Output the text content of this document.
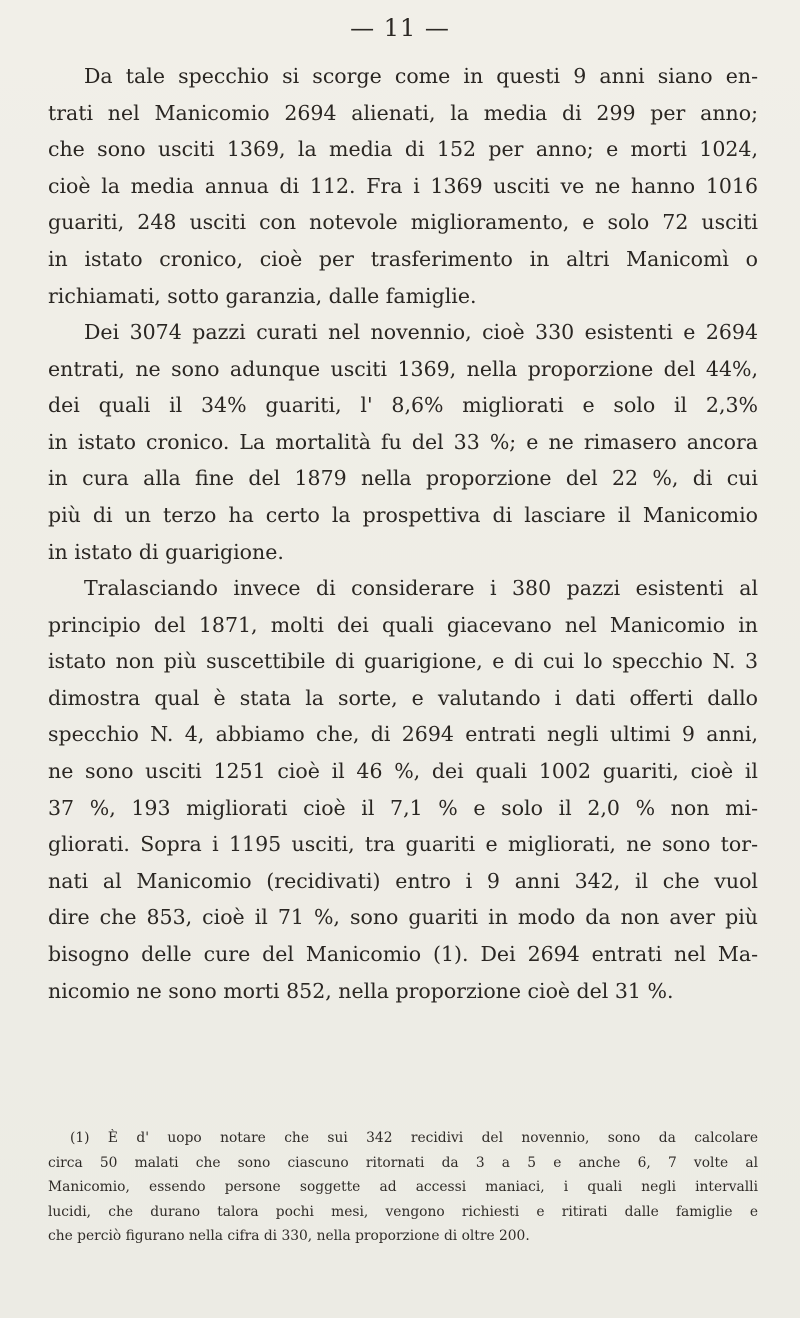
— 11 —

Da tale specchio si scorge come in questi 9 anni siano en-
trati nel Manicomio 2694 alienati, la media di 299 per anno;
che sono usciti 1369, la media di 152 per anno; e morti 1024,
cioè la media annua di 112. Fra i 1369 usciti ve ne hanno 1016
guariti, 248 usciti con notevole miglioramento, e solo 72 usciti
in istato cronico, cioè per trasferimento in altri Manicomì o
richiamati, sotto garanzia, dalle famiglie.

Dei 3074 pazzi curati nel novennio, cioè 330 esistenti e 2694
entrati, ne sono adunque usciti 1369, nella proporzione del 44%,
dei quali il 34% guariti, l' 8,6% migliorati e solo il 2,3%
in istato cronico. La mortalità fu del 33 %; e ne rimasero ancora
in cura alla fine del 1879 nella proporzione del 22 %, di cui
più di un terzo ha certo la prospettiva di lasciare il Manicomio
in istato di guarigione.

Tralasciando invece di considerare i 380 pazzi esistenti al
principio del 1871, molti dei quali giacevano nel Manicomio in
istato non più suscettibile di guarigione, e di cui lo specchio N. 3
dimostra qual è stata la sorte, e valutando i dati offerti dallo
specchio N. 4, abbiamo che, di 2694 entrati negli ultimi 9 anni,
ne sono usciti 1251 cioè il 46 %, dei quali 1002 guariti, cioè il
37 %, 193 migliorati cioè il 7,1 % e solo il 2,0 % non mi-
gliorati. Sopra i 1195 usciti, tra guariti e migliorati, ne sono tor-
nati al Manicomio (recidivati) entro i 9 anni 342, il che vuol
dire che 853, cioè il 71 %, sono guariti in modo da non aver più
bisogno delle cure del Manicomio (1). Dei 2694 entrati nel Ma-
nicomio ne sono morti 852, nella proporzione cioè del 31 %.

(1) È d' uopo notare che sui 342 recidivi del novennio, sono da calcolare
circa 50 malati che sono ciascuno ritornati da 3 a 5 e anche 6, 7 volte al
Manicomio, essendo persone soggette ad accessi maniaci, i quali negli intervalli
lucidi, che durano talora pochi mesi, vengono richiesti e ritirati dalle famiglie e
che perciò figurano nella cifra di 330, nella proporzione di oltre 200.
